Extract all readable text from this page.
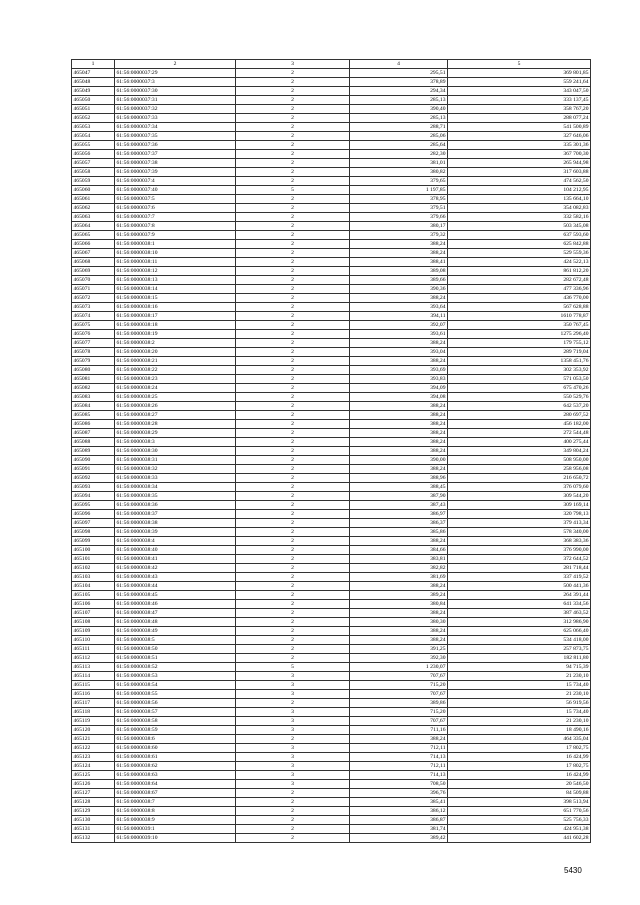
1	2	3	4	5
465047	61:56:0000037:29	2	295,51	369 801,85
465048	61:56:0000037:3	2	378,89	559 241,64
465049	61:56:0000037:30	2	294,34	343 047,50
465050	61:56:0000037:31	2	285,13	333 137,45
465051	61:56:0000037:32	2	390,40	358 767,20
465052	61:56:0000037:33	2	285,13	288 077,24
465053	61:56:0000037:34	2	288,71	541 500,89
465054	61:56:0000037:35	2	285,06	327 646,06
465055	61:56:0000037:36	2	285,64	335 301,36
465056	61:56:0000037:37	2	282,30	367 700,30
465057	61:56:0000037:38	2	381,01	265 944,98
465058	61:56:0000037:39	2	380,82	317 603,88
465059	61:56:0000037:4	2	379,65	474 562,50
465060	61:56:0000037:40	5	1 197,85	104 212,95
465061	61:56:0000037:5	2	378,95	135 664,10
465062	61:56:0000037:6	2	379,51	354 082,83
465063	61:56:0000037:7	2	379,66	332 582,16
465064	61:56:0000037:8	2	380,17	503 345,08
465065	61:56:0000037:9	2	379,32	637 593,60
465066	61:56:0000038:1	2	388,24	625 842,88
465067	61:56:0000038:10	2	388,24	529 559,36
465068	61:56:0000038:11	2	388,41	424 522,13
465069	61:56:0000038:12	2	389,08	861 812,20
465070	61:56:0000038:13	2	389,66	282 672,48
465071	61:56:0000038:14	2	390,36	477 336,96
465072	61:56:0000038:15	2	388,24	436 770,00
465073	61:56:0000038:16	2	393,64	567 628,88
465074	61:56:0000038:17	2	394,11	1610 778,87
465075	61:56:0000038:18	2	392,07	350 767,45
465076	61:56:0000038:19	2	393,61	1275 296,40
465077	61:56:0000038:2	2	388,24	179 755,12
465078	61:56:0000038:20	2	393,04	289 719,04
465079	61:56:0000038:21	2	388,24	1358 451,76
465080	61:56:0000038:22	2	393,69	302 353,92
465081	61:56:0000038:23	2	393,83	571 053,50
465082	61:56:0000038:24	2	394,09	675 470,26
465083	61:56:0000038:25	2	394,08	550 529,76
465084	61:56:0000038:26	2	388,24	642 537,20
465085	61:56:0000038:27	2	388,24	280 697,52
465086	61:56:0000038:28	2	388,24	456 182,00
465087	61:56:0000038:29	2	388,24	272 544,48
465088	61:56:0000038:3	2	388,24	400 275,44
465089	61:56:0000038:30	2	388,24	349 804,24
465090	61:56:0000038:31	2	390,00	508 950,00
465091	61:56:0000038:32	2	388,24	258 956,08
465092	61:56:0000038:33	2	388,96	216 650,72
465093	61:56:0000038:34	2	388,45	376 079,60
465094	61:56:0000038:35	2	387,90	309 544,20
465095	61:56:0000038:36	2	387,43	309 169,14
465096	61:56:0000038:37	2	386,97	320 798,13
465097	61:56:0000038:38	2	386,37	379 413,34
465098	61:56:0000038:39	2	385,86	578 340,00
465099	61:56:0000038:4	2	388,24	368 383,36
465100	61:56:0000038:40	2	384,66	376 990,00
465101	61:56:0000038:41	2	383,81	372 644,52
465102	61:56:0000038:42	2	382,82	281 718,44
465103	61:56:0000038:43	2	381,69	337 419,52
465104	61:56:0000038:44	2	388,24	500 441,36
465105	61:56:0000038:45	2	389,24	264 391,44
465106	61:56:0000038:46	2	380,84	641 334,56
465107	61:56:0000038:47	2	388,24	387 463,52
465108	61:56:0000038:48	2	380,30	312 986,90
465109	61:56:0000038:49	2	388,24	625 066,40
465110	61:56:0000038:5	2	388,24	534 418,00
465111	61:56:0000038:50	2	391,25	257 873,75
465112	61:56:0000038:51	2	392,30	182 811,80
465113	61:56:0000038:52	5	1 230,07	94 715,39
465114	61:56:0000038:53	3	707,67	21 230,10
465115	61:56:0000038:54	3	715,20	15 734,40
465116	61:56:0000038:55	3	707,67	21 230,10
465117	61:56:0000038:56	2	389,86	56 919,56
465118	61:56:0000038:57	3	715,20	15 734,40
465119	61:56:0000038:58	3	707,67	21 230,10
465120	61:56:0000038:59	3	711,16	18 490,16
465121	61:56:0000038:6	2	388,24	464 335,04
465122	61:56:0000038:60	3	712,11	17 802,75
465123	61:56:0000038:61	3	714,13	16 424,99
465124	61:56:0000038:62	3	712,11	17 802,75
465125	61:56:0000038:63	3	714,13	16 424,99
465126	61:56:0000038:64	3	708,50	20 546,50
465127	61:56:0000038:67	2	396,76	84 509,88
465128	61:56:0000038:7	2	385,41	398 513,94
465129	61:56:0000038:8	2	386,12	651 770,56
465130	61:56:0000038:9	2	386,87	525 756,33
465131	61:56:0000039:1	2	381,74	424 951,38
465132	61:56:0000039:10	2	389,42	441 602,28
5430
